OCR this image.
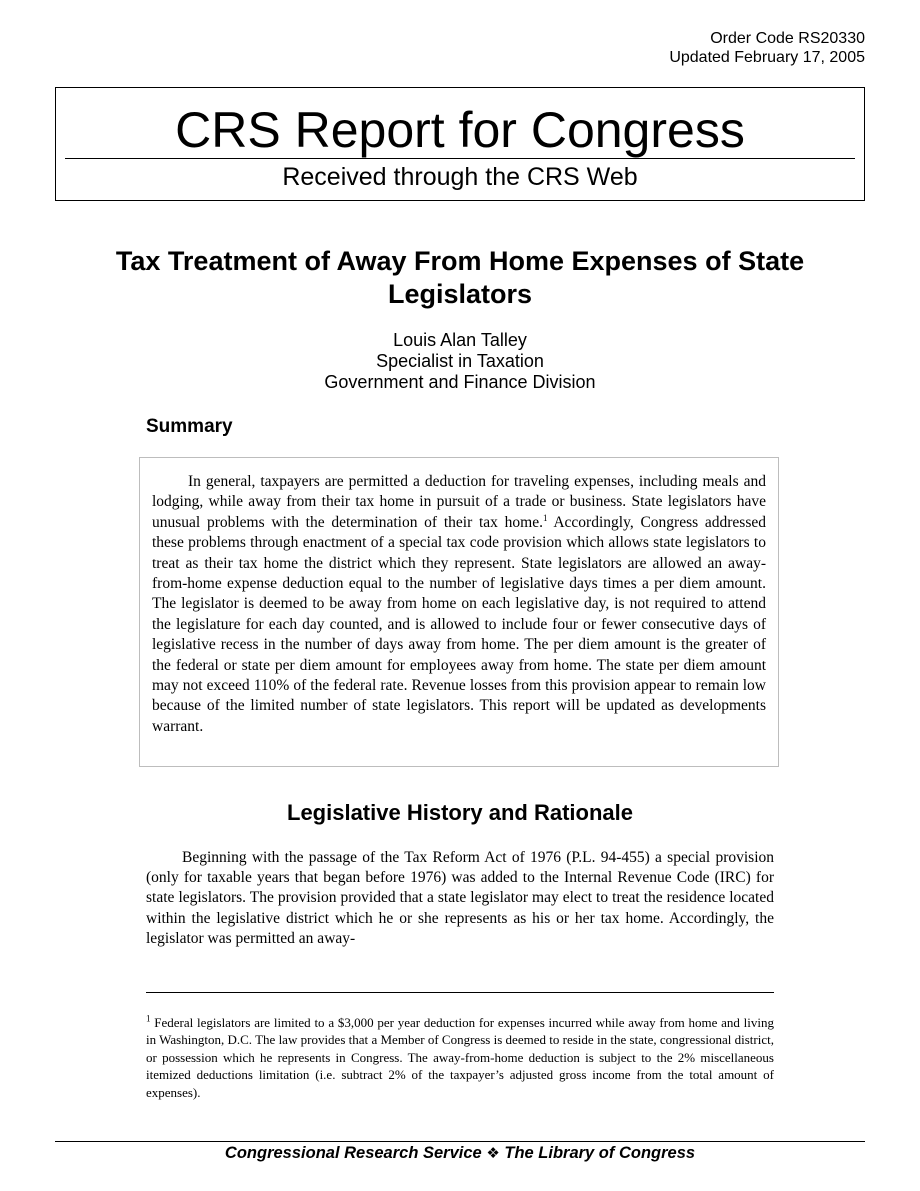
Order Code RS20330
Updated February 17, 2005
CRS Report for Congress
Received through the CRS Web
Tax Treatment of Away From Home Expenses of State Legislators
Louis Alan Talley
Specialist in Taxation
Government and Finance Division
Summary

In general, taxpayers are permitted a deduction for traveling expenses, including meals and lodging, while away from their tax home in pursuit of a trade or business. State legislators have unusual problems with the determination of their tax home.$^1$ Accordingly, Congress addressed these problems through enactment of a special tax code provision which allows state legislators to treat as their tax home the district which they represent. State legislators are allowed an away-from-home expense deduction equal to the number of legislative days times a per diem amount. The legislator is deemed to be away from home on each legislative day, is not required to attend the legislature for each day counted, and is allowed to include four or fewer consecutive days of legislative recess in the number of days away from home. The per diem amount is the greater of the federal or state per diem amount for employees away from home. The state per diem amount may not exceed 110% of the federal rate. Revenue losses from this provision appear to remain low because of the limited number of state legislators. This report will be updated as developments warrant.

Legislative History and Rationale

Beginning with the passage of the Tax Reform Act of 1976 (P.L. 94-455) a special provision (only for taxable years that began before 1976) was added to the Internal Revenue Code (IRC) for state legislators. The provision provided that a state legislator may elect to treat the residence located within the legislative district which he or she represents as his or her tax home. Accordingly, the legislator was permitted an away-

$^1$ Federal legislators are limited to a $3,000 per year deduction for expenses incurred while away from home and living in Washington, D.C. The law provides that a Member of Congress is deemed to reside in the state, congressional district, or possession which he represents in Congress. The away-from-home deduction is subject to the 2% miscellaneous itemized deductions limitation (i.e. subtract 2% of the taxpayer’s adjusted gross income from the total amount of expenses).

Congressional Research Service ❖ The Library of Congress
